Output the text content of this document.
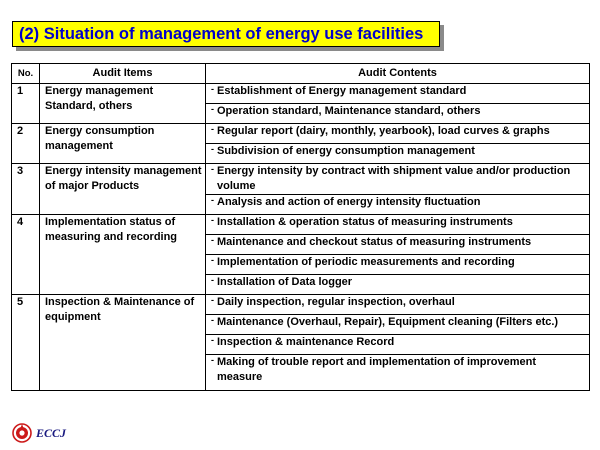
(2) Situation of management of energy use facilities
No.	Audit Items	Audit Contents
1	Energy management Standard, others	- Establishment of Energy management standard
		- Operation standard, Maintenance standard, others
2	Energy consumption management	- Regular report (dairy, monthly, yearbook), load curves & graphs
		- Subdivision of energy consumption management
3	Energy intensity management of major Products	- Energy intensity by contract with shipment value and/or production volume
		- Analysis and action of energy intensity fluctuation
4	Implementation status of measuring and recording	- Installation & operation status of measuring instruments
		- Maintenance and checkout status of measuring instruments
		- Implementation of periodic measurements and recording
		- Installation of Data logger
5	Inspection & Maintenance of equipment	- Daily inspection, regular inspection, overhaul
		- Maintenance (Overhaul, Repair), Equipment cleaning (Filters etc.)
		- Inspection & maintenance Record
		- Making of trouble report and implementation of improvement measure
ECCJ
